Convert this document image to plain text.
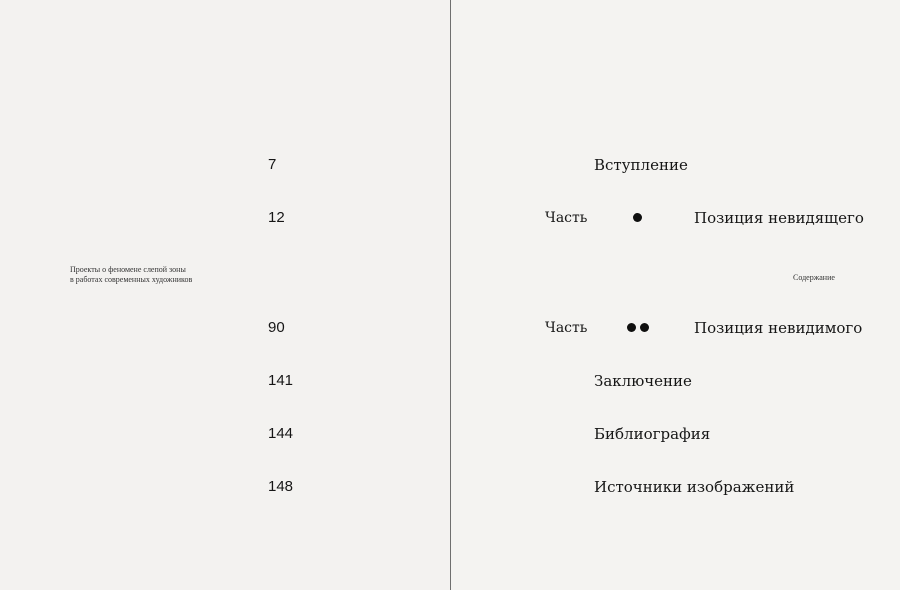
Проекты о феномене слепой зоны
в работах современных художников	Содержание
7	Вступление
12	Часть	Позиция невидящего
90	Часть	Позиция невидимого
141	Заключение
144	Библиография
148	Источники изображений
